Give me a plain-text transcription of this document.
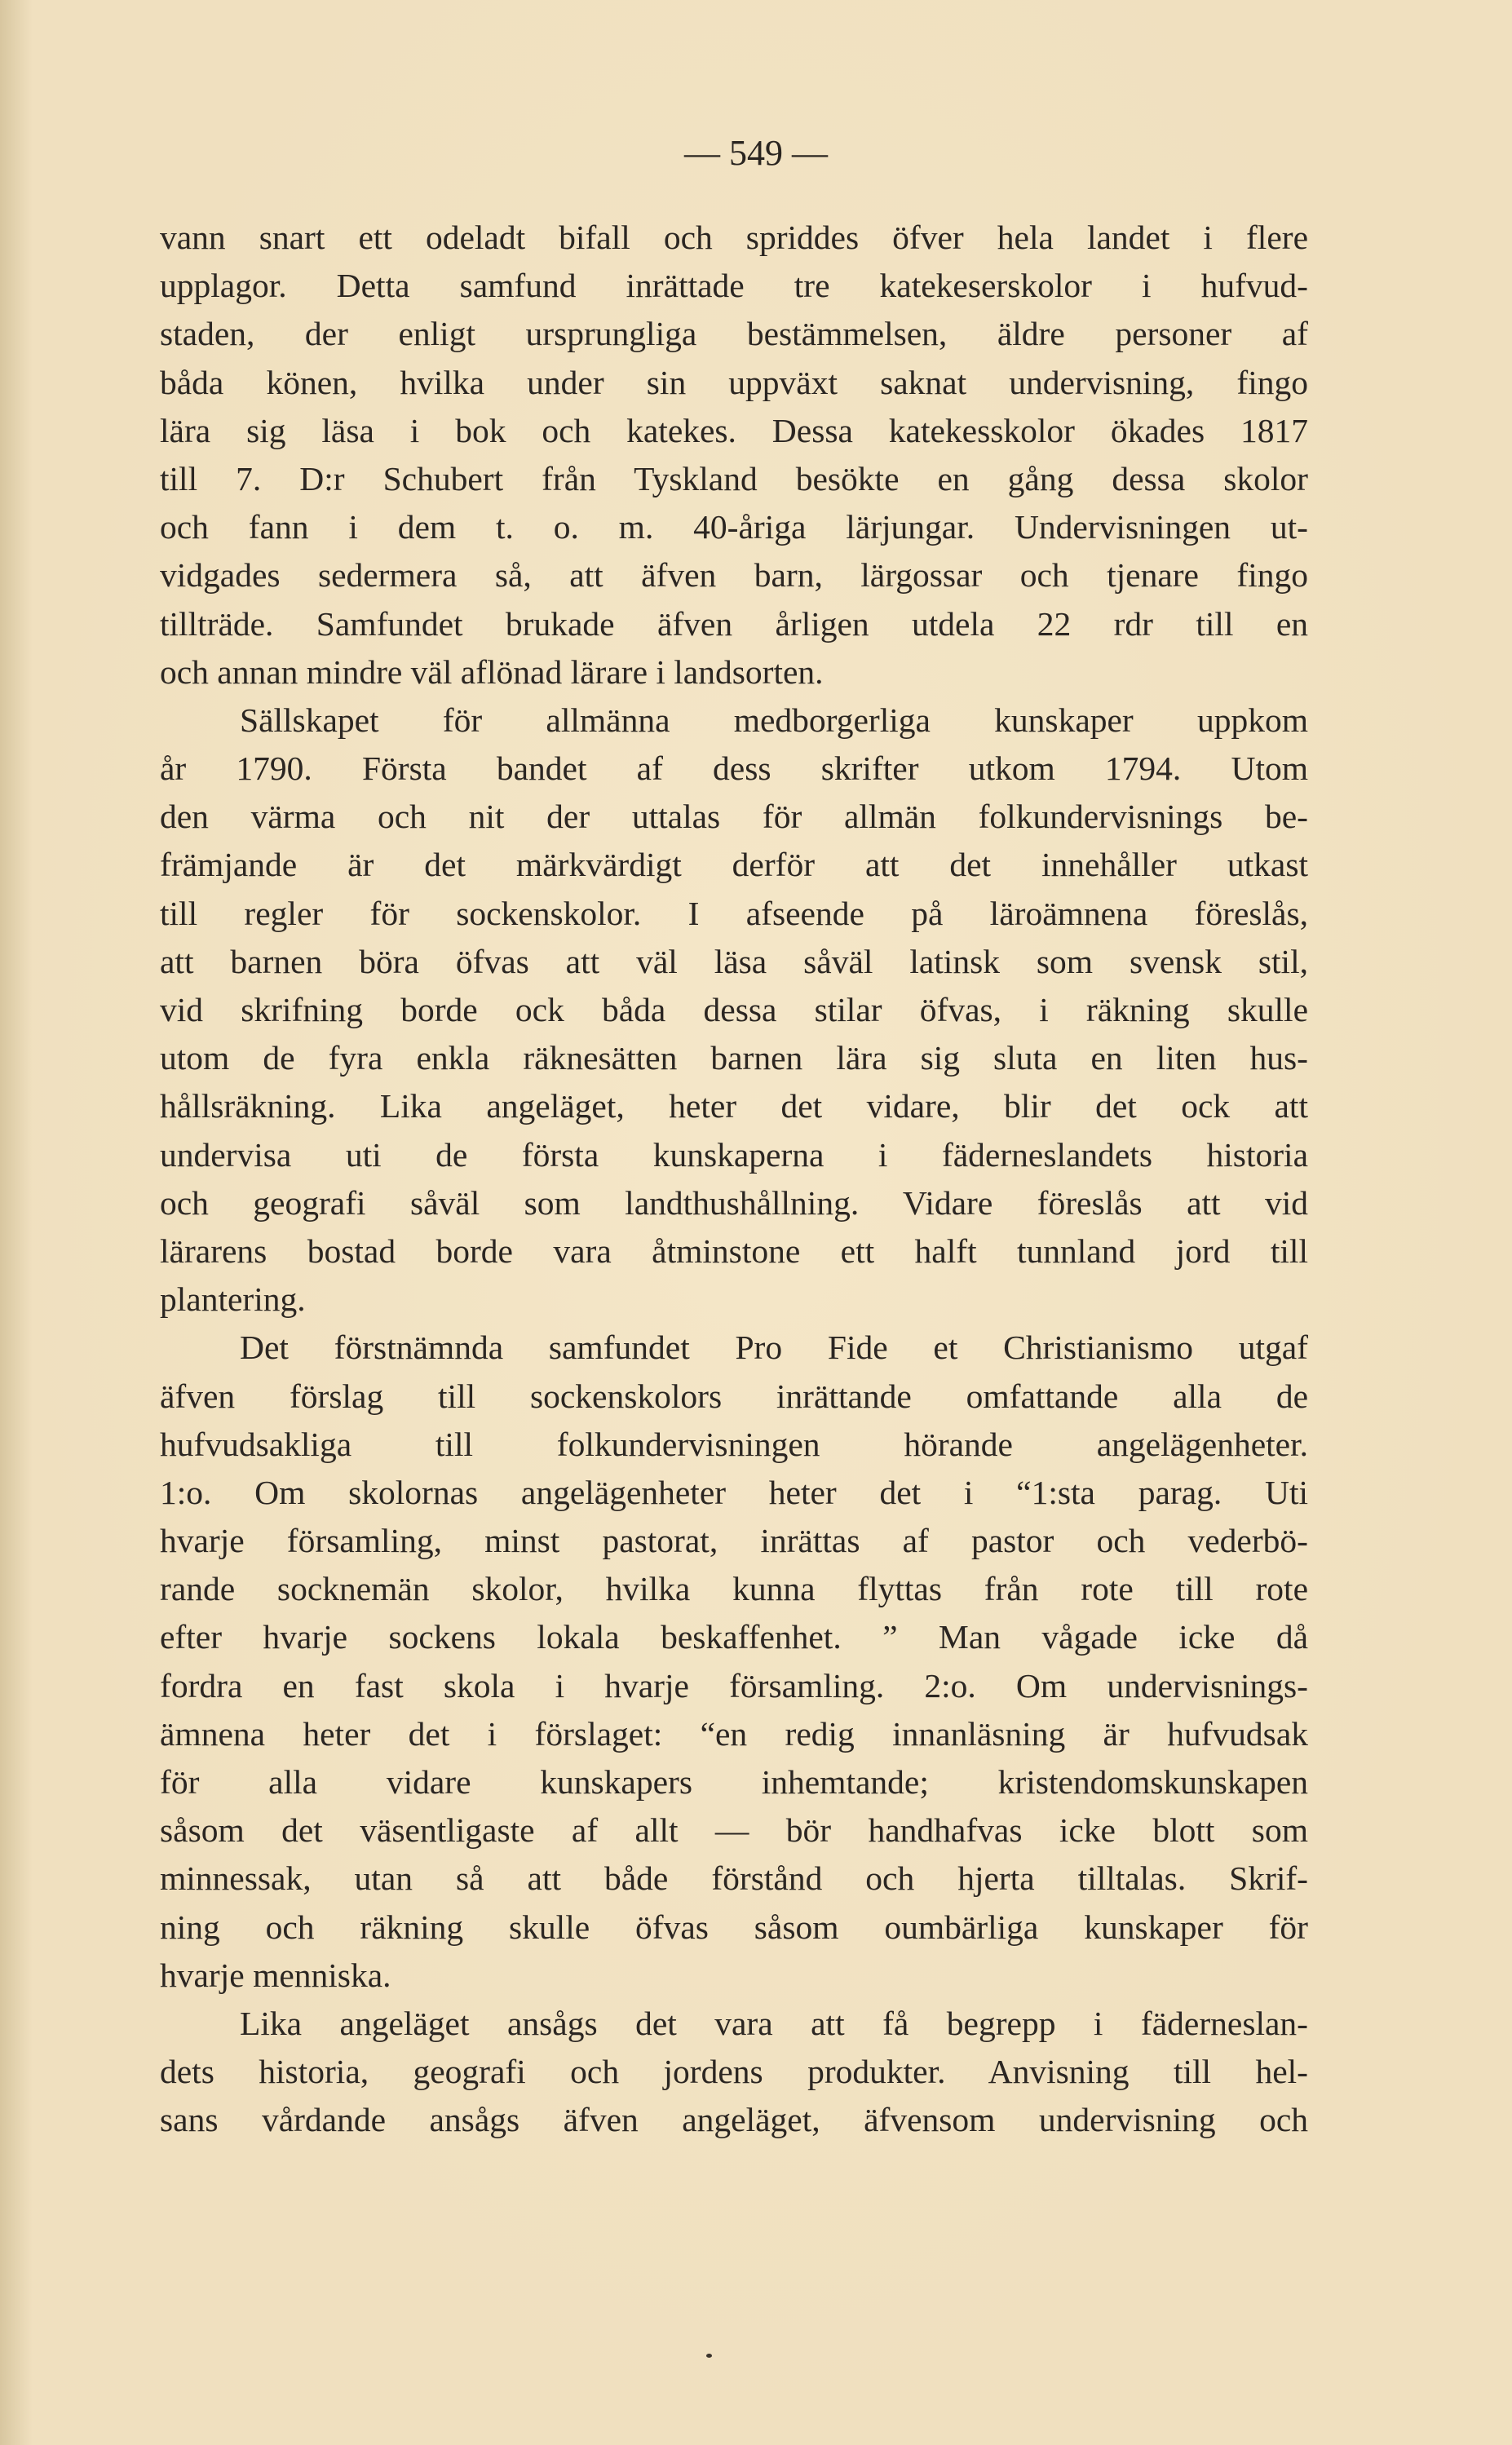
— 549 —
vann snart ett odeladt bifall och spriddes öfver hela landet i flere
upplagor. Detta samfund inrättade tre katekeserskolor i hufvud-
staden, der enligt ursprungliga bestämmelsen, äldre personer af
båda könen, hvilka under sin uppväxt saknat undervisning, fingo
lära sig läsa i bok och katekes. Dessa katekesskolor ökades 1817
till 7. D:r Schubert från Tyskland besökte en gång dessa skolor
och fann i dem t. o. m. 40-åriga lärjungar. Undervisningen ut-
vidgades sedermera så, att äfven barn, lärgossar och tjenare fingo
tillträde. Samfundet brukade äfven årligen utdela 22 rdr till en
och annan mindre väl aflönad lärare i landsorten.
Sällskapet för allmänna medborgerliga kunskaper uppkom
år 1790. Första bandet af dess skrifter utkom 1794. Utom
den värma och nit der uttalas för allmän folkundervisnings be-
främjande är det märkvärdigt derför att det innehåller utkast
till regler för sockenskolor. I afseende på läroämnena föreslås,
att barnen böra öfvas att väl läsa såväl latinsk som svensk stil,
vid skrifning borde ock båda dessa stilar öfvas, i räkning skulle
utom de fyra enkla räknesätten barnen lära sig sluta en liten hus-
hållsräkning. Lika angeläget, heter det vidare, blir det ock att
undervisa uti de första kunskaperna i fäderneslandets historia
och geografi såväl som landthushållning. Vidare föreslås att vid
lärarens bostad borde vara åtminstone ett halft tunnland jord till
plantering.
Det förstnämnda samfundet Pro Fide et Christianismo utgaf
äfven förslag till sockenskolors inrättande omfattande alla de
hufvudsakliga till folkundervisningen hörande angelägenheter.
1:o. Om skolornas angelägenheter heter det i “1:sta parag. Uti
hvarje församling, minst pastorat, inrättas af pastor och vederbö-
rande socknemän skolor, hvilka kunna flyttas från rote till rote
efter hvarje sockens lokala beskaffenhet. ” Man vågade icke då
fordra en fast skola i hvarje församling. 2:o. Om undervisnings-
ämnena heter det i förslaget: “en redig innanläsning är hufvudsak
för alla vidare kunskapers inhemtande; kristendomskunskapen
såsom det väsentligaste af allt — bör handhafvas icke blott som
minnessak, utan så att både förstånd och hjerta tilltalas. Skrif-
ning och räkning skulle öfvas såsom oumbärliga kunskaper för
hvarje menniska.
Lika angeläget ansågs det vara att få begrepp i fäderneslan-
dets historia, geografi och jordens produkter. Anvisning till hel-
sans vårdande ansågs äfven angeläget, äfvensom undervisning och
